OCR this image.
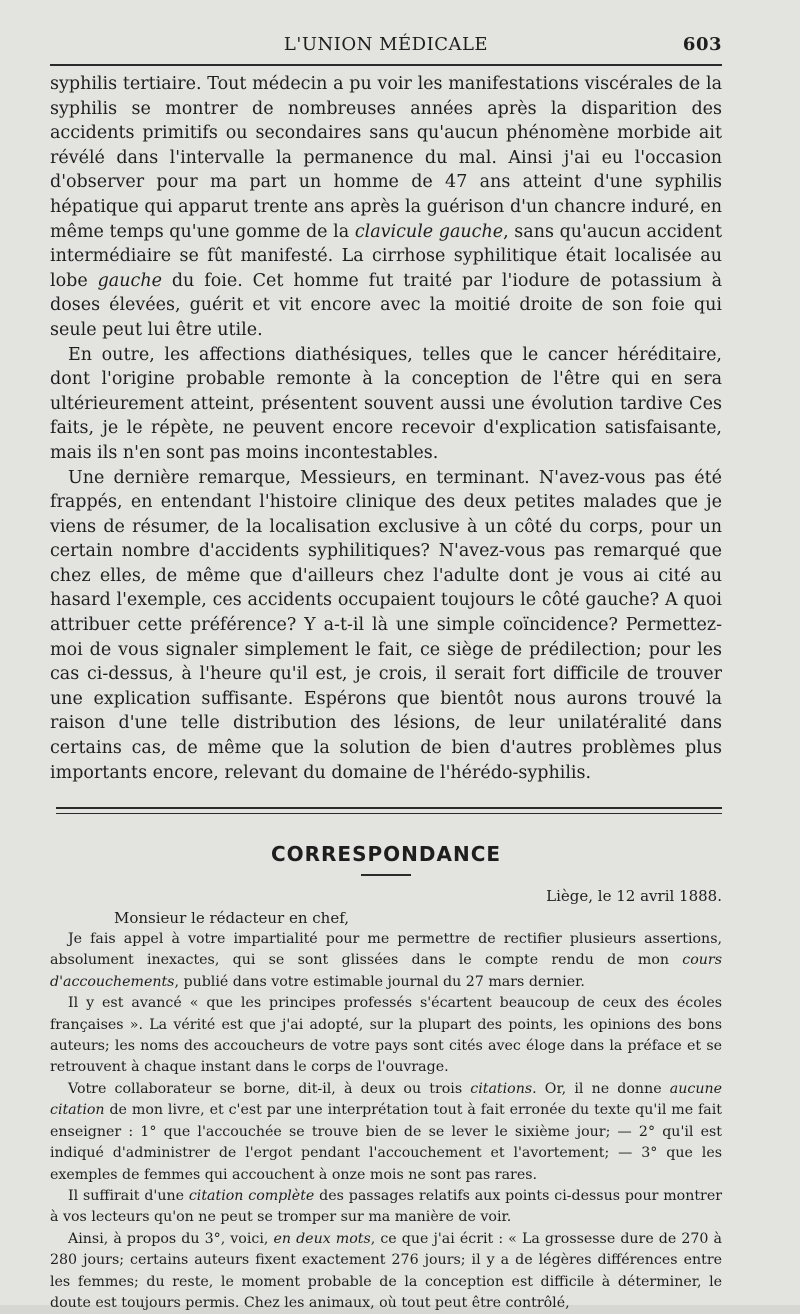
L'UNION MÉDICALE	603

syphilis tertiaire. Tout médecin a pu voir les manifestations viscérales de la syphilis se montrer de nombreuses années après la disparition des accidents primitifs ou secondaires sans qu'aucun phénomène morbide ait révélé dans l'intervalle la permanence du mal. Ainsi j'ai eu l'occasion d'observer pour ma part un homme de 47 ans atteint d'une syphilis hépatique qui apparut trente ans après la guérison d'un chancre induré, en même temps qu'une gomme de la clavicule gauche, sans qu'aucun accident intermédiaire se fût manifesté. La cirrhose syphilitique était localisée au lobe gauche du foie. Cet homme fut traité par l'iodure de potassium à doses élevées, guérit et vit encore avec la moitié droite de son foie qui seule peut lui être utile.

En outre, les affections diathésiques, telles que le cancer héréditaire, dont l'origine probable remonte à la conception de l'être qui en sera ultérieurement atteint, présentent souvent aussi une évolution tardive Ces faits, je le répète, ne peuvent encore recevoir d'explication satisfaisante, mais ils n'en sont pas moins incontestables.

Une dernière remarque, Messieurs, en terminant. N'avez-vous pas été frappés, en entendant l'histoire clinique des deux petites malades que je viens de résumer, de la localisation exclusive à un côté du corps, pour un certain nombre d'accidents syphilitiques? N'avez-vous pas remarqué que chez elles, de même que d'ailleurs chez l'adulte dont je vous ai cité au hasard l'exemple, ces accidents occupaient toujours le côté gauche? A quoi attribuer cette préférence? Y a-t-il là une simple coïncidence? Permettez-moi de vous signaler simplement le fait, ce siège de prédilection; pour les cas ci-dessus, à l'heure qu'il est, je crois, il serait fort difficile de trouver une explication suffisante. Espérons que bientôt nous aurons trouvé la raison d'une telle distribution des lésions, de leur unilatéralité dans certains cas, de même que la solution de bien d'autres problèmes plus importants encore, relevant du domaine de l'hérédo-syphilis.

CORRESPONDANCE
Liège, le 12 avril 1888.
Monsieur le rédacteur en chef,

Je fais appel à votre impartialité pour me permettre de rectifier plusieurs assertions, absolument inexactes, qui se sont glissées dans le compte rendu de mon cours d'accouchements, publié dans votre estimable journal du 27 mars dernier.

Il y est avancé « que les principes professés s'écartent beaucoup de ceux des écoles françaises ». La vérité est que j'ai adopté, sur la plupart des points, les opinions des bons auteurs; les noms des accoucheurs de votre pays sont cités avec éloge dans la préface et se retrouvent à chaque instant dans le corps de l'ouvrage.

Votre collaborateur se borne, dit-il, à deux ou trois citations. Or, il ne donne aucune citation de mon livre, et c'est par une interprétation tout à fait erronée du texte qu'il me fait enseigner : 1° que l'accouchée se trouve bien de se lever le sixième jour; — 2° qu'il est indiqué d'administrer de l'ergot pendant l'accouchement et l'avortement; — 3° que les exemples de femmes qui accouchent à onze mois ne sont pas rares.

Il suffirait d'une citation complète des passages relatifs aux points ci-dessus pour montrer à vos lecteurs qu'on ne peut se tromper sur ma manière de voir.

Ainsi, à propos du 3°, voici, en deux mots, ce que j'ai écrit : « La grossesse dure de 270 à 280 jours; certains auteurs fixent exactement 276 jours; il y a de légères différences entre les femmes; du reste, le moment probable de la conception est difficile à déterminer, le doute est toujours permis. Chez les animaux, où tout peut être contrôlé,
